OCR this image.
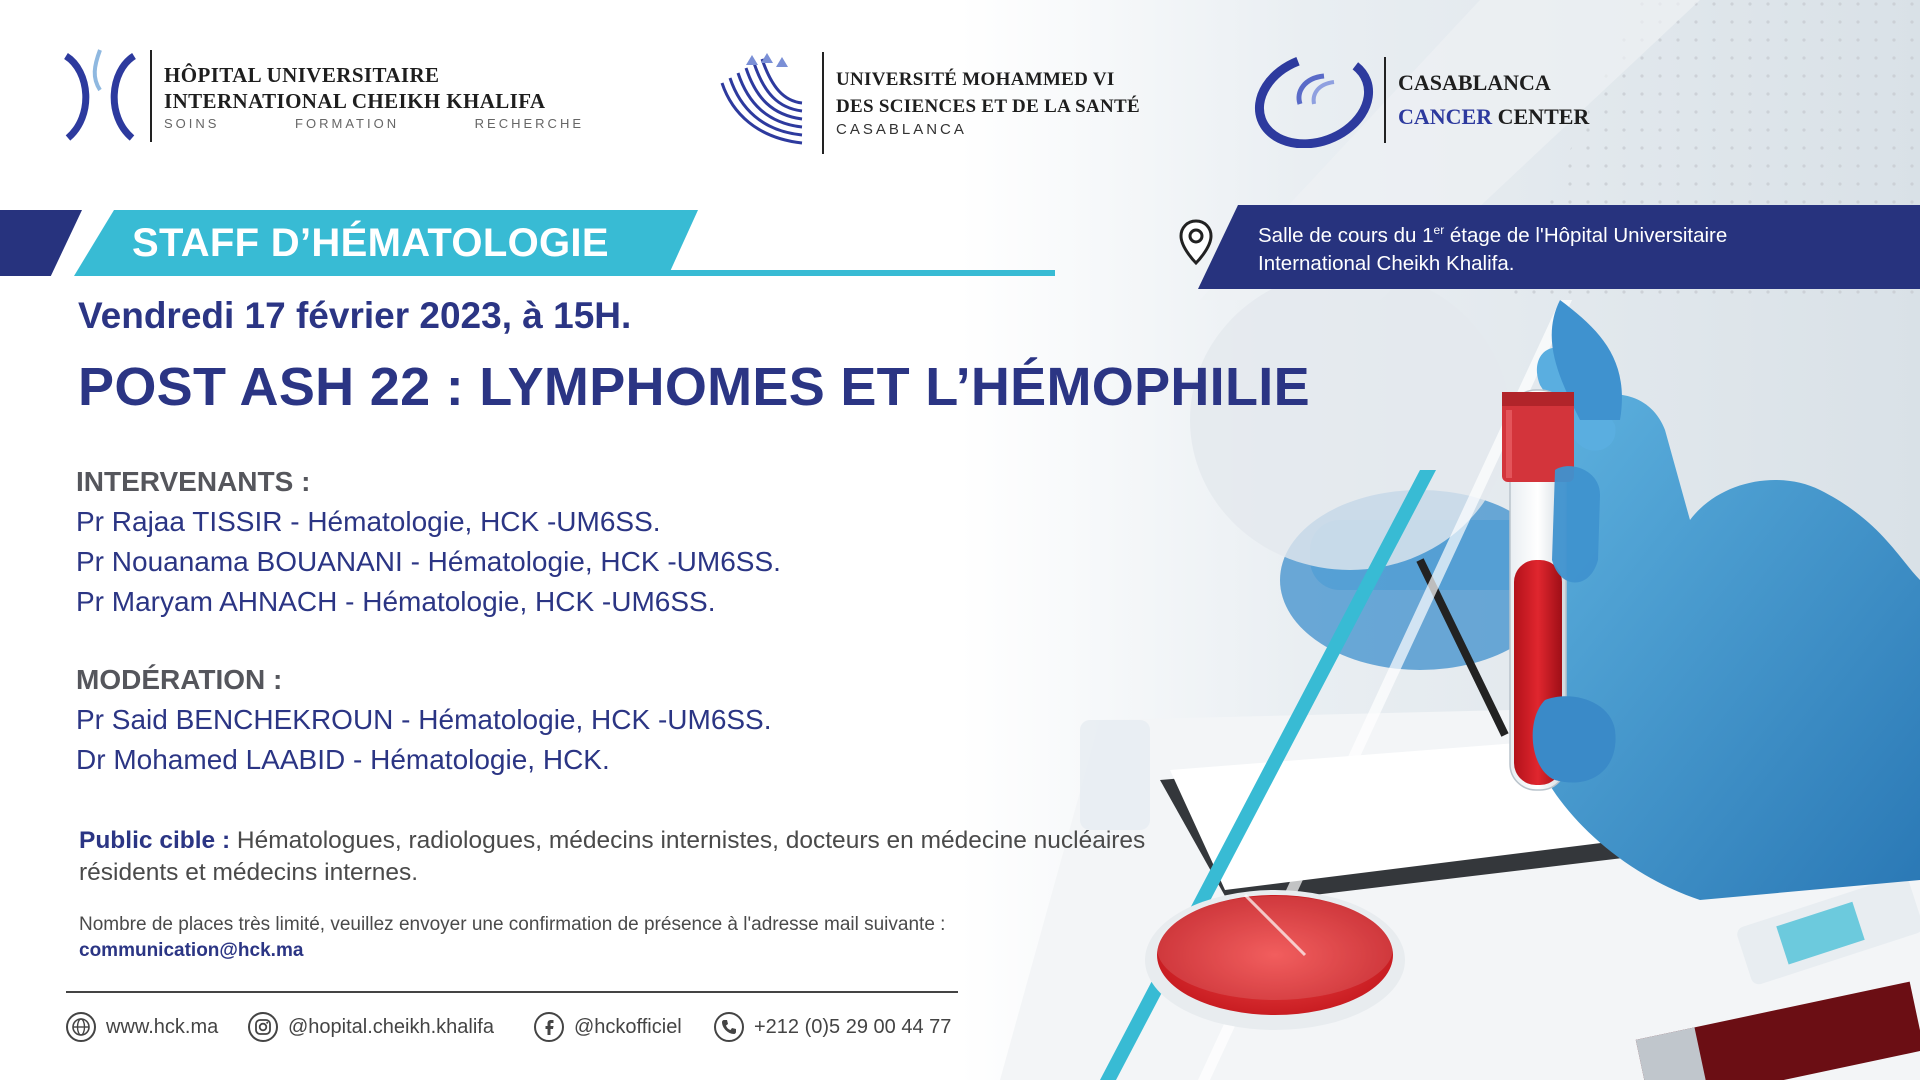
HÔPITAL UNIVERSITAIRE
INTERNATIONAL CHEIKH KHALIFA
SOINS	FORMATION	RECHERCHE
UNIVERSITÉ MOHAMMED VI
DES SCIENCES ET DE LA SANTÉ
CASABLANCA
CASABLANCA
CANCER CENTER
STAFF D’HÉMATOLOGIE	Salle de cours du 1er étage de l'Hôpital Universitaire
International Cheikh Khalifa.
Vendredi 17 février 2023, à 15H.
POST ASH 22 : LYMPHOMES ET L’HÉMOPHILIE
INTERVENANTS :
Pr Rajaa TISSIR - Hématologie, HCK -UM6SS.
Pr Nouanama BOUANANI - Hématologie, HCK -UM6SS.
Pr Maryam AHNACH - Hématologie, HCK -UM6SS.
MODÉRATION :
Pr Said BENCHEKROUN - Hématologie, HCK -UM6SS.
Dr Mohamed LAABID - Hématologie, HCK.
Public cible : Hématologues, radiologues, médecins internistes, docteurs en médecine nucléaires résidents et médecins internes.
Nombre de places très limité, veuillez envoyer une confirmation de présence à l'adresse mail suivante :
communication@hck.ma
www.hck.ma	@hopital.cheikh.khalifa	@hckofficiel	+212 (0)5 29 00 44 77
